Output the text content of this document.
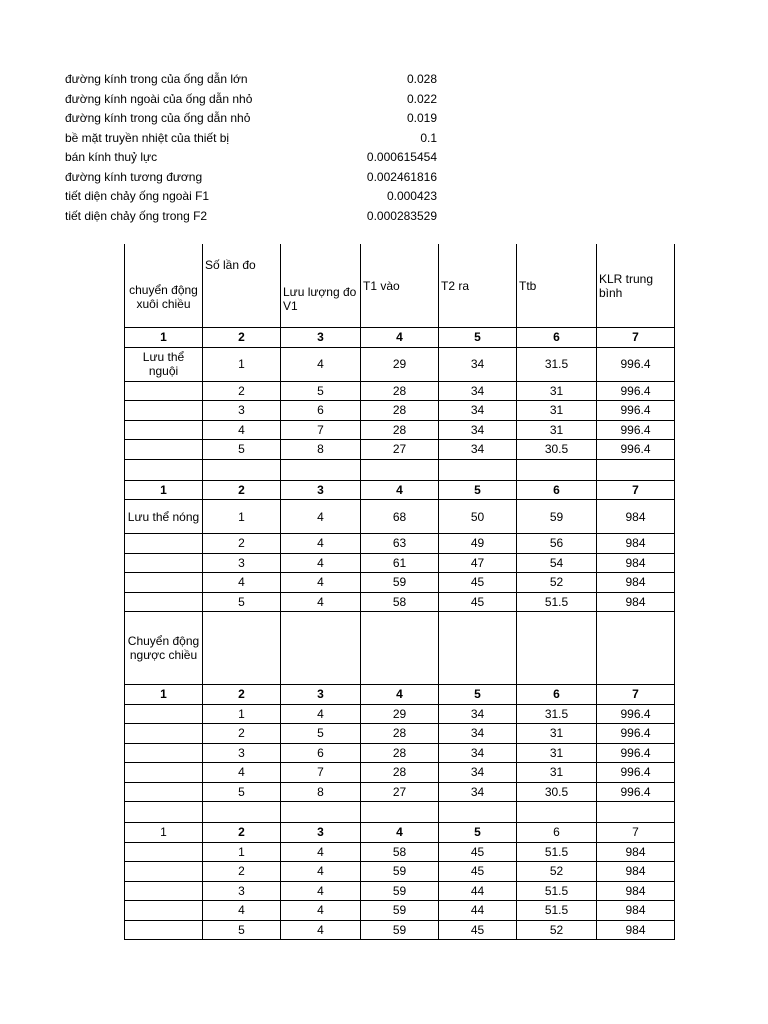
đường kính trong của ống dẫn lớn	0.028
đường kính ngoài của ống dẫn nhỏ	0.022
đường kính trong của ống dẫn nhỏ	0.019
bề mặt truyền nhiệt của thiết bị	0.1
bán kính thuỷ lực	0.000615454
đường kính tương đương	0.002461816
tiết diện chảy ống ngoài F1	0.000423
tiết diện chảy ống trong F2	0.000283529
chuyển động xuôi chiều	Số lần đo	Lưu lượng đo V1	T1 vào	T2 ra	Ttb	KLR trung bình
1	2	3	4	5	6	7
Lưu thể nguội	1	4	29	34	31.5	996.4
	2	5	28	34	31	996.4
	3	6	28	34	31	996.4
	4	7	28	34	31	996.4
	5	8	27	34	30.5	996.4

1	2	3	4	5	6	7
Lưu thể nóng	1	4	68	50	59	984
	2	4	63	49	56	984
	3	4	61	47	54	984
	4	4	59	45	52	984
	5	4	58	45	51.5	984
Chuyển động ngược chiều						
1	2	3	4	5	6	7
	1	4	29	34	31.5	996.4
	2	5	28	34	31	996.4
	3	6	28	34	31	996.4
	4	7	28	34	31	996.4
	5	8	27	34	30.5	996.4

1	2	3	4	5	6	7
	1	4	58	45	51.5	984
	2	4	59	45	52	984
	3	4	59	44	51.5	984
	4	4	59	44	51.5	984
	5	4	59	45	52	984
